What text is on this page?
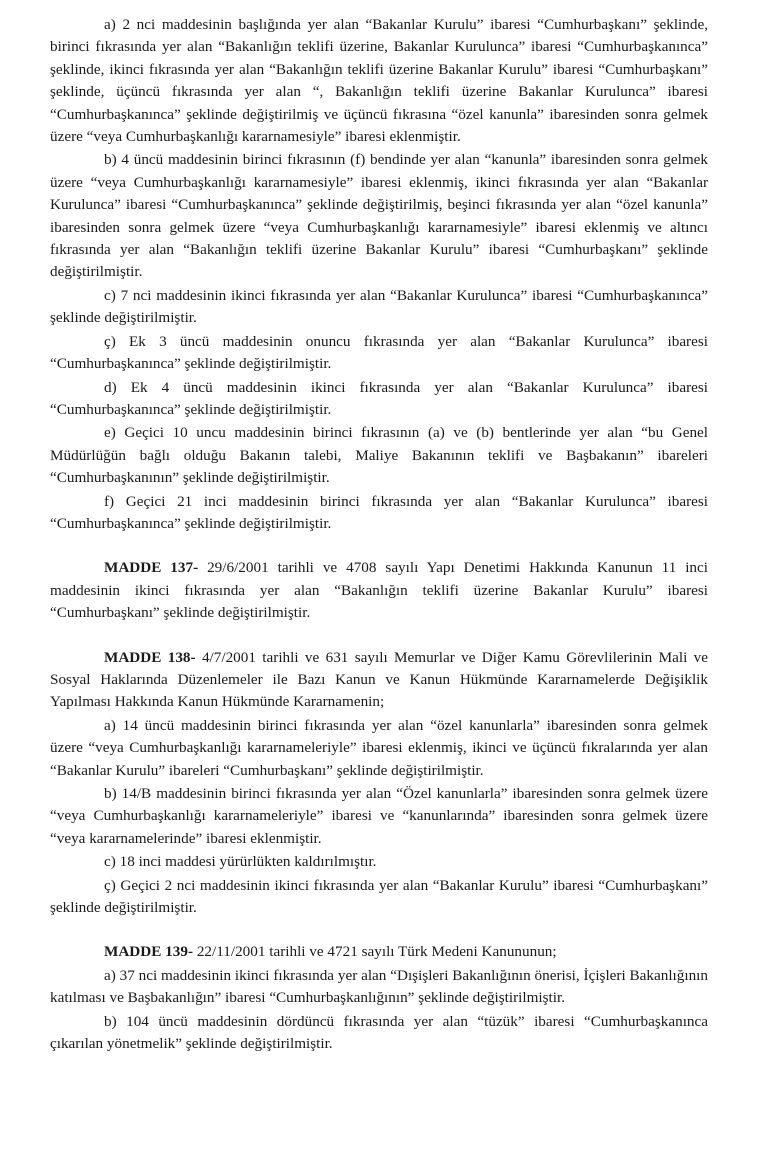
a) 2 nci maddesinin başlığında yer alan “Bakanlar Kurulu” ibaresi “Cumhurbaşkanı” şeklinde, birinci fıkrasında yer alan “Bakanlığın teklifi üzerine, Bakanlar Kurulunca” ibaresi “Cumhurbaşkanınca” şeklinde, ikinci fıkrasında yer alan “Bakanlığın teklifi üzerine Bakanlar Kurulu” ibaresi “Cumhurbaşkanı” şeklinde, üçüncü fıkrasında yer alan “, Bakanlığın teklifi üzerine Bakanlar Kurulunca” ibaresi “Cumhurbaşkanınca” şeklinde değiştirilmiş ve üçüncü fıkrasına “özel kanunla” ibaresinden sonra gelmek üzere “veya Cumhurbaşkanlığı kararnamesiyle” ibaresi eklenmiştir.

b) 4 üncü maddesinin birinci fıkrasının (f) bendinde yer alan “kanunla” ibaresinden sonra gelmek üzere “veya Cumhurbaşkanlığı kararnamesiyle” ibaresi eklenmiş, ikinci fıkrasında yer alan “Bakanlar Kurulunca” ibaresi “Cumhurbaşkanınca” şeklinde değiştirilmiş, beşinci fıkrasında yer alan “özel kanunla” ibaresinden sonra gelmek üzere “veya Cumhurbaşkanlığı kararnamesiyle” ibaresi eklenmiş ve altıncı fıkrasında yer alan “Bakanlığın teklifi üzerine Bakanlar Kurulu” ibaresi “Cumhurbaşkanı” şeklinde değiştirilmiştir.

c) 7 nci maddesinin ikinci fıkrasında yer alan “Bakanlar Kurulunca” ibaresi “Cumhurbaşkanınca” şeklinde değiştirilmiştir.

ç) Ek 3 üncü maddesinin onuncu fıkrasında yer alan “Bakanlar Kurulunca” ibaresi “Cumhurbaşkanınca” şeklinde değiştirilmiştir.

d) Ek 4 üncü maddesinin ikinci fıkrasında yer alan “Bakanlar Kurulunca” ibaresi “Cumhurbaşkanınca” şeklinde değiştirilmiştir.

e) Geçici 10 uncu maddesinin birinci fıkrasının (a) ve (b) bentlerinde yer alan “bu Genel Müdürlüğün bağlı olduğu Bakanın talebi, Maliye Bakanının teklifi ve Başbakanın” ibareleri “Cumhurbaşkanının” şeklinde değiştirilmiştir.

f) Geçici 21 inci maddesinin birinci fıkrasında yer alan “Bakanlar Kurulunca” ibaresi “Cumhurbaşkanınca” şeklinde değiştirilmiştir.

MADDE 137- 29/6/2001 tarihli ve 4708 sayılı Yapı Denetimi Hakkında Kanunun 11 inci maddesinin ikinci fıkrasında yer alan “Bakanlığın teklifi üzerine Bakanlar Kurulu” ibaresi “Cumhurbaşkanı” şeklinde değiştirilmiştir.

MADDE 138- 4/7/2001 tarihli ve 631 sayılı Memurlar ve Diğer Kamu Görevlilerinin Mali ve Sosyal Haklarında Düzenlemeler ile Bazı Kanun ve Kanun Hükmünde Kararnamelerde Değişiklik Yapılması Hakkında Kanun Hükmünde Kararnamenin;

a) 14 üncü maddesinin birinci fıkrasında yer alan “özel kanunlarla” ibaresinden sonra gelmek üzere “veya Cumhurbaşkanlığı kararnameleriyle” ibaresi eklenmiş, ikinci ve üçüncü fıkralarında yer alan “Bakanlar Kurulu” ibareleri “Cumhurbaşkanı” şeklinde değiştirilmiştir.

b) 14/B maddesinin birinci fıkrasında yer alan “Özel kanunlarla” ibaresinden sonra gelmek üzere “veya Cumhurbaşkanlığı kararnameleriyle” ibaresi ve “kanunlarında” ibaresinden sonra gelmek üzere “veya kararnamelerinde” ibaresi eklenmiştir.

c) 18 inci maddesi yürürlükten kaldırılmıştır.

ç) Geçici 2 nci maddesinin ikinci fıkrasında yer alan “Bakanlar Kurulu” ibaresi “Cumhurbaşkanı” şeklinde değiştirilmiştir.

MADDE 139- 22/11/2001 tarihli ve 4721 sayılı Türk Medeni Kanununun;

a) 37 nci maddesinin ikinci fıkrasında yer alan “Dışişleri Bakanlığının önerisi, İçişleri Bakanlığının katılması ve Başbakanlığın” ibaresi “Cumhurbaşkanlığının” şeklinde değiştirilmiştir.

b) 104 üncü maddesinin dördüncü fıkrasında yer alan “tüzük” ibaresi “Cumhurbaşkanınca çıkarılan yönetmelik” şeklinde değiştirilmiştir.
